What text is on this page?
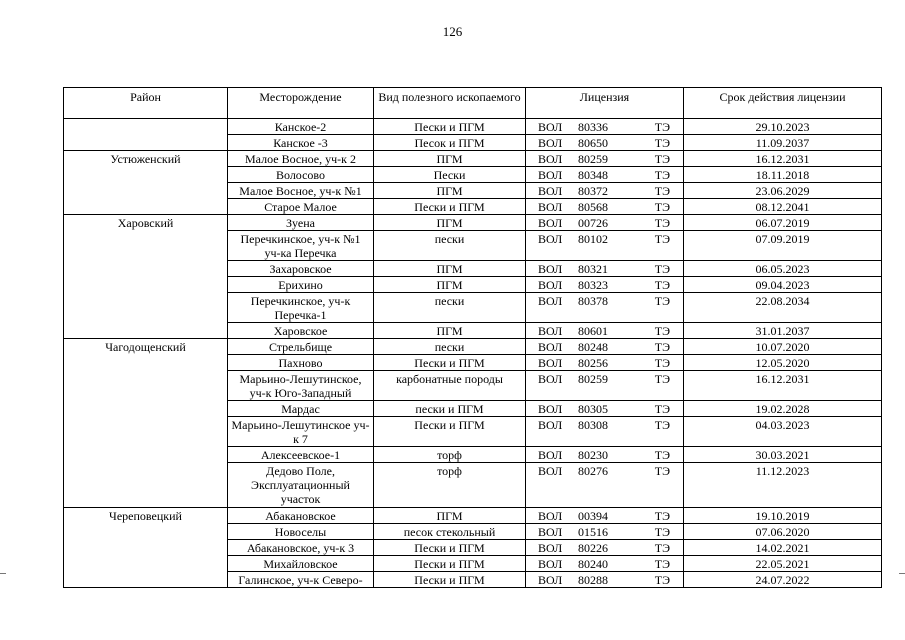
126
Район	Месторождение	Вид полезного ископаемого	Лицензия	Срок действия лицензии
	Канское-2	Пески и ПГМ	ВОЛ 80336 ТЭ	29.10.2023
	Канское -3	Песок и ПГМ	ВОЛ 80650 ТЭ	11.09.2037
Устюженский	Малое Восное, уч-к 2	ПГМ	ВОЛ 80259 ТЭ	16.12.2031
	Волосово	Пески	ВОЛ 80348 ТЭ	18.11.2018
	Малое Восное, уч-к №1	ПГМ	ВОЛ 80372 ТЭ	23.06.2029
	Старое Малое	Пески и ПГМ	ВОЛ 80568 ТЭ	08.12.2041
Харовский	Зуена	ПГМ	ВОЛ 00726 ТЭ	06.07.2019
	Перечкинское, уч-к №1 уч-ка Перечка	пески	ВОЛ 80102 ТЭ	07.09.2019
	Захаровское	ПГМ	ВОЛ 80321 ТЭ	06.05.2023
	Ерихино	ПГМ	ВОЛ 80323 ТЭ	09.04.2023
	Перечкинское, уч-к Перечка-1	пески	ВОЛ 80378 ТЭ	22.08.2034
	Харовское	ПГМ	ВОЛ 80601 ТЭ	31.01.2037
Чагодощенский	Стрельбище	пески	ВОЛ 80248 ТЭ	10.07.2020
	Пахново	Пески и ПГМ	ВОЛ 80256 ТЭ	12.05.2020
	Марьино-Лешутинское, уч-к Юго-Западный	карбонатные породы	ВОЛ 80259 ТЭ	16.12.2031
	Мардас	пески и ПГМ	ВОЛ 80305 ТЭ	19.02.2028
	Марьино-Лешутинское уч-к 7	Пески и ПГМ	ВОЛ 80308 ТЭ	04.03.2023
	Алексеевское-1	торф	ВОЛ 80230 ТЭ	30.03.2021
	Дедово Поле, Эксплуатационный участок	торф	ВОЛ 80276 ТЭ	11.12.2023
Череповецкий	Абакановское	ПГМ	ВОЛ 00394 ТЭ	19.10.2019
	Новоселы	песок стекольный	ВОЛ 01516 ТЭ	07.06.2020
	Абакановское, уч-к 3	Пески и ПГМ	ВОЛ 80226 ТЭ	14.02.2021
	Михайловское	Пески и ПГМ	ВОЛ 80240 ТЭ	22.05.2021
	Галинское, уч-к Северо-	Пески и ПГМ	ВОЛ 80288 ТЭ	24.07.2022
